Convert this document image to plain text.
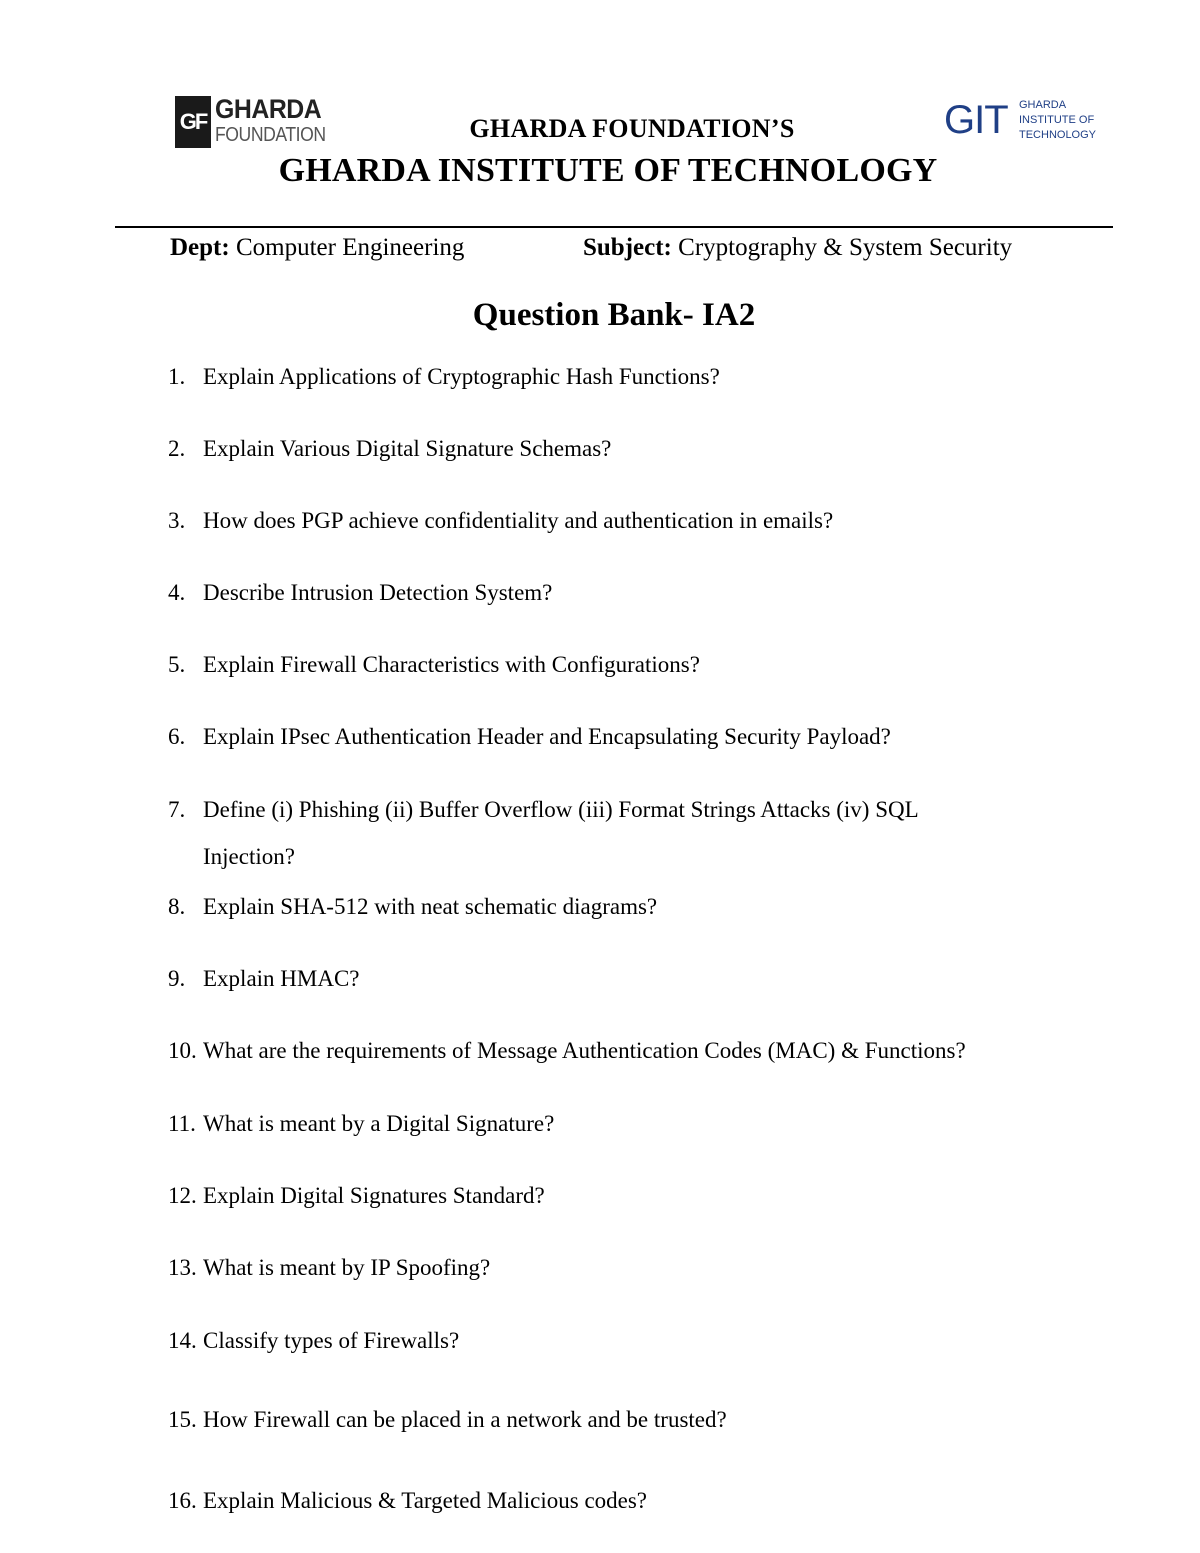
GF GHARDA
FOUNDATION	GIT GHARDA
INSTITUTE OF
TECHNOLOGY
GHARDA FOUNDATION’S
GHARDA INSTITUTE OF TECHNOLOGY
Dept: Computer Engineering	Subject: Cryptography & System Security
Question Bank- IA2
1. Explain Applications of Cryptographic Hash Functions?
2. Explain Various Digital Signature Schemas?
3. How does PGP achieve confidentiality and authentication in emails?
4. Describe Intrusion Detection System?
5. Explain Firewall Characteristics with Configurations?
6. Explain IPsec Authentication Header and Encapsulating Security Payload?
7. Define (i) Phishing (ii) Buffer Overflow (iii) Format Strings Attacks (iv) SQL
Injection?
8. Explain SHA-512 with neat schematic diagrams?
9. Explain HMAC?
10. What are the requirements of Message Authentication Codes (MAC) & Functions?
11. What is meant by a Digital Signature?
12. Explain Digital Signatures Standard?
13. What is meant by IP Spoofing?
14. Classify types of Firewalls?
15. How Firewall can be placed in a network and be trusted?
16. Explain Malicious & Targeted Malicious codes?
